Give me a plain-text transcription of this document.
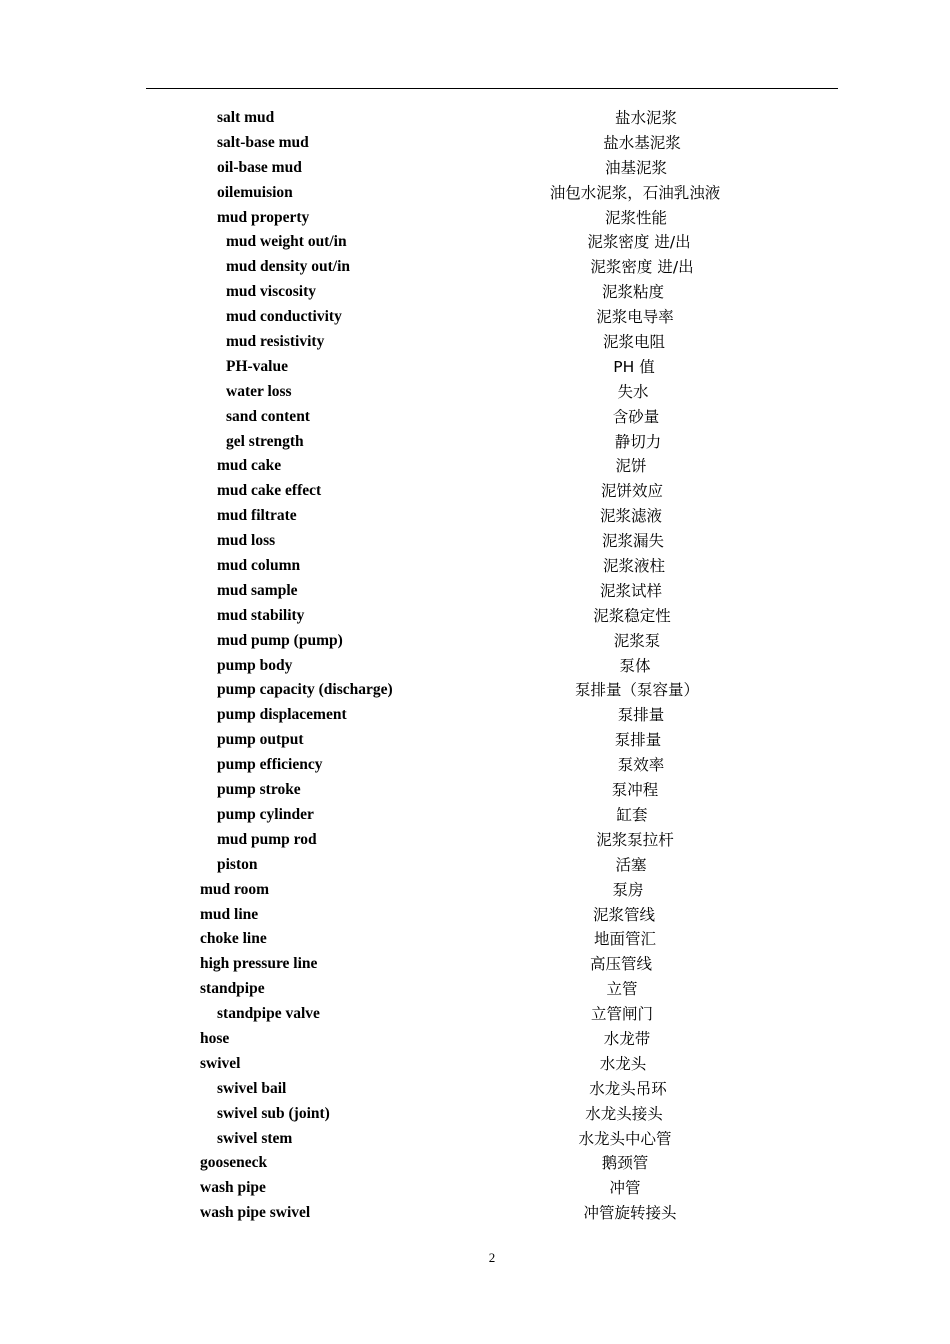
salt mud	盐水泥浆
salt-base mud	盐水基泥浆
oil-base mud	油基泥浆
oilemuision	油包水泥浆，石油乳浊液
mud property	泥浆性能
mud weight out/in	泥浆密度 进/出
mud density out/in	泥浆密度 进/出
mud viscosity	泥浆粘度
mud conductivity	泥浆电导率
mud resistivity	泥浆电阻
PH-value	PH 值
water loss	失水
sand content	含砂量
gel strength	静切力
mud cake	泥饼
mud cake effect	泥饼效应
mud filtrate	泥浆滤液
mud loss	泥浆漏失
mud column	泥浆液柱
mud sample	泥浆试样
mud stability	泥浆稳定性
mud pump (pump)	泥浆泵
pump body	泵体
pump capacity (discharge)	泵排量（泵容量）
pump displacement	泵排量
pump output	泵排量
pump efficiency	泵效率
pump stroke	泵冲程
pump cylinder	缸套
mud pump rod	泥浆泵拉杆
piston	活塞
mud room	泵房
mud line	泥浆管线
choke line	地面管汇
high pressure line	高压管线
standpipe	立管
standpipe valve	立管闸门
hose	水龙带
swivel	水龙头
swivel bail	水龙头吊环
swivel sub (joint)	水龙头接头
swivel stem	水龙头中心管
gooseneck	鹅颈管
wash pipe	冲管
wash pipe swivel	冲管旋转接头
2
